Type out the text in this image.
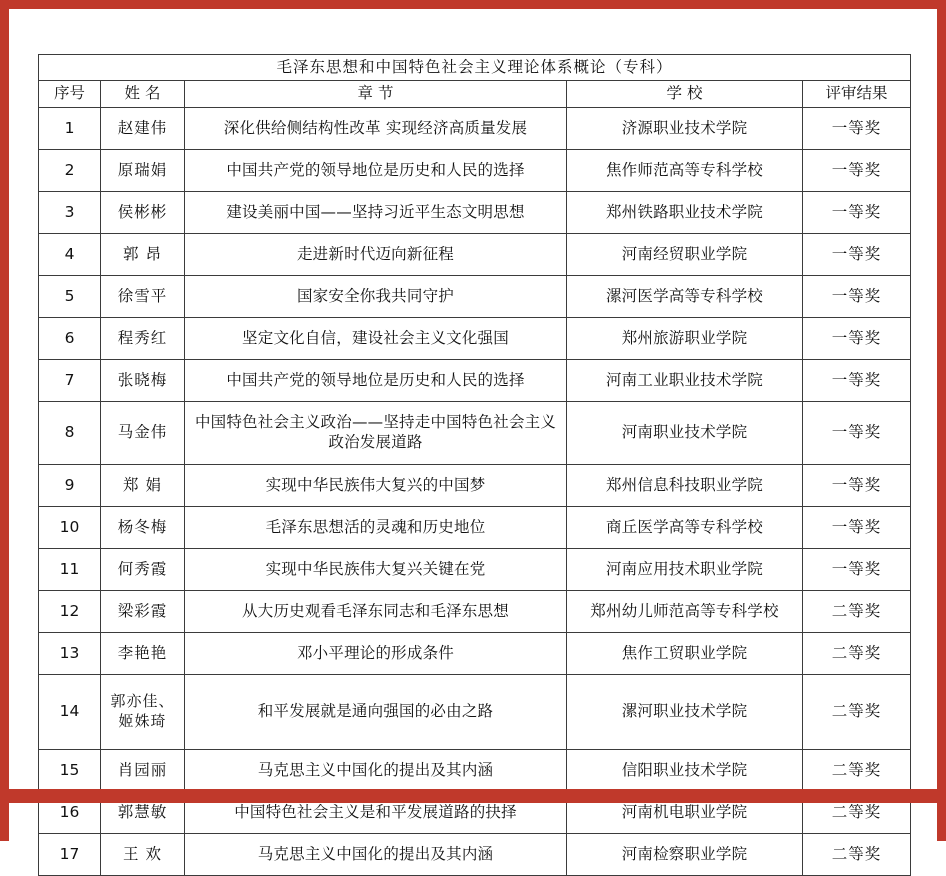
毛泽东思想和中国特色社会主义理论体系概论（专科）				
序号	姓 名	章 节	学 校	评审结果
1	赵建伟	深化供给侧结构性改革 实现经济高质量发展	济源职业技术学院	一等奖
2	原瑞娟	中国共产党的领导地位是历史和人民的选择	焦作师范高等专科学校	一等奖
3	侯彬彬	建设美丽中国——坚持习近平生态文明思想	郑州铁路职业技术学院	一等奖
4	郭 昂	走进新时代迈向新征程	河南经贸职业学院	一等奖
5	徐雪平	国家安全你我共同守护	漯河医学高等专科学校	一等奖
6	程秀红	坚定文化自信，建设社会主义文化强国	郑州旅游职业学院	一等奖
7	张晓梅	中国共产党的领导地位是历史和人民的选择	河南工业职业技术学院	一等奖
8	马金伟	中国特色社会主义政治——坚持走中国特色社会主义政治发展道路	河南职业技术学院	一等奖
9	郑 娟	实现中华民族伟大复兴的中国梦	郑州信息科技职业学院	一等奖
10	杨冬梅	毛泽东思想活的灵魂和历史地位	商丘医学高等专科学校	一等奖
11	何秀霞	实现中华民族伟大复兴关键在党	河南应用技术职业学院	一等奖
12	梁彩霞	从大历史观看毛泽东同志和毛泽东思想	郑州幼儿师范高等专科学校	二等奖
13	李艳艳	邓小平理论的形成条件	焦作工贸职业学院	二等奖
14	郭亦佳、姬姝琦	和平发展就是通向强国的必由之路	漯河职业技术学院	二等奖
15	肖园丽	马克思主义中国化的提出及其内涵	信阳职业技术学院	二等奖
16	郭慧敏	中国特色社会主义是和平发展道路的抉择	河南机电职业学院	二等奖
17	王 欢	马克思主义中国化的提出及其内涵	河南检察职业学院	二等奖
